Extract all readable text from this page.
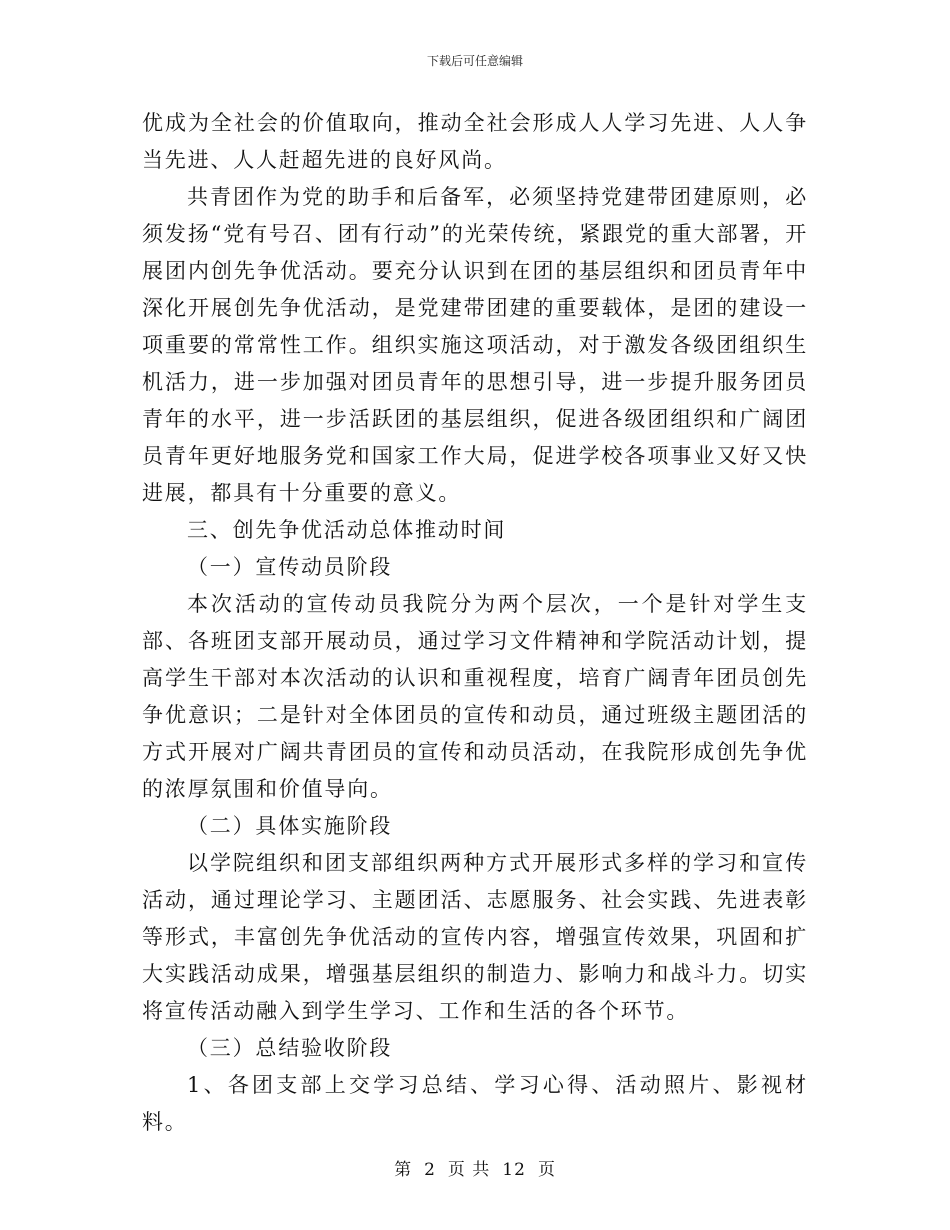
下载后可任意编辑

优成为全社会的价值取向，推动全社会形成人人学习先进、人人争当先进、人人赶超先进的良好风尚。

共青团作为党的助手和后备军，必须坚持党建带团建原则，必须发扬“党有号召、团有行动”的光荣传统，紧跟党的重大部署，开展团内创先争优活动。要充分认识到在团的基层组织和团员青年中深化开展创先争优活动，是党建带团建的重要载体，是团的建设一项重要的常常性工作。组织实施这项活动，对于激发各级团组织生机活力，进一步加强对团员青年的思想引导，进一步提升服务团员青年的水平，进一步活跃团的基层组织，促进各级团组织和广阔团员青年更好地服务党和国家工作大局，促进学校各项事业又好又快进展，都具有十分重要的意义。

三、创先争优活动总体推动时间

（一）宣传动员阶段

本次活动的宣传动员我院分为两个层次，一个是针对学生支部、各班团支部开展动员，通过学习文件精神和学院活动计划，提高学生干部对本次活动的认识和重视程度，培育广阔青年团员创先争优意识；二是针对全体团员的宣传和动员，通过班级主题团活的方式开展对广阔共青团员的宣传和动员活动，在我院形成创先争优的浓厚氛围和价值导向。

（二）具体实施阶段

以学院组织和团支部组织两种方式开展形式多样的学习和宣传活动，通过理论学习、主题团活、志愿服务、社会实践、先进表彰等形式，丰富创先争优活动的宣传内容，增强宣传效果，巩固和扩大实践活动成果，增强基层组织的制造力、影响力和战斗力。切实将宣传活动融入到学生学习、工作和生活的各个环节。

（三）总结验收阶段

1、各团支部上交学习总结、学习心得、活动照片、影视材料。

第 2 页 共 12 页
